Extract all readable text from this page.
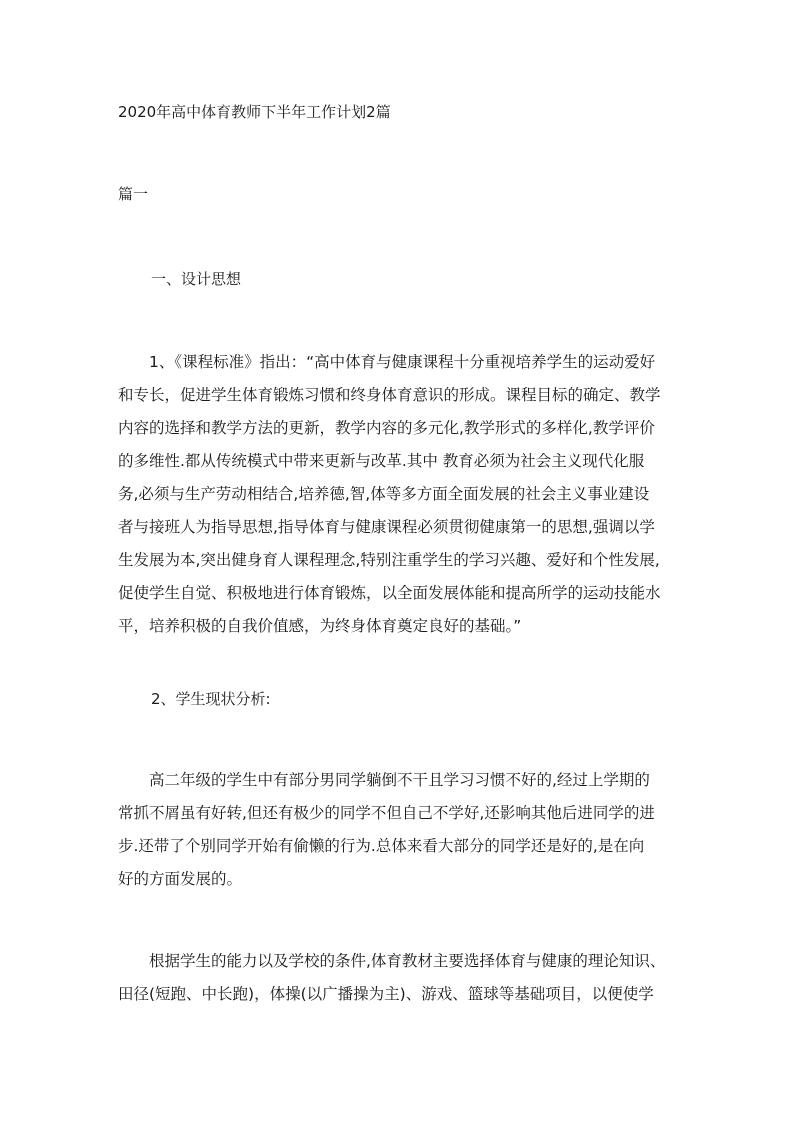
2020年高中体育教师下半年工作计划2篇
篇一
一、设计思想
1、《课程标准》指出：“高中体育与健康课程十分重视培养学生的运动爱好
和专长，促进学生体育锻炼习惯和终身体育意识的形成。课程目标的确定、教学
内容的选择和教学方法的更新，教学内容的多元化,教学形式的多样化,教学评价
的多维性.都从传统模式中带来更新与改革.其中 教育必须为社会主义现代化服
务,必须与生产劳动相结合,培养德,智,体等多方面全面发展的社会主义事业建设
者与接班人为指导思想,指导体育与健康课程必须贯彻健康第一的思想,强调以学
生发展为本,突出健身育人课程理念,特别注重学生的学习兴趣、爱好和个性发展,
促使学生自觉、积极地进行体育锻炼，以全面发展体能和提高所学的运动技能水
平，培养积极的自我价值感，为终身体育奠定良好的基础。”
2、学生现状分析:
高二年级的学生中有部分男同学躺倒不干且学习习惯不好的,经过上学期的
常抓不屑虽有好转,但还有极少的同学不但自己不学好,还影响其他后进同学的进
步.还带了个别同学开始有偷懒的行为.总体来看大部分的同学还是好的,是在向
好的方面发展的。
根据学生的能力以及学校的条件,体育教材主要选择体育与健康的理论知识、
田径(短跑、中长跑)，体操(以广播操为主)、游戏、篮球等基础项目，以便使学
